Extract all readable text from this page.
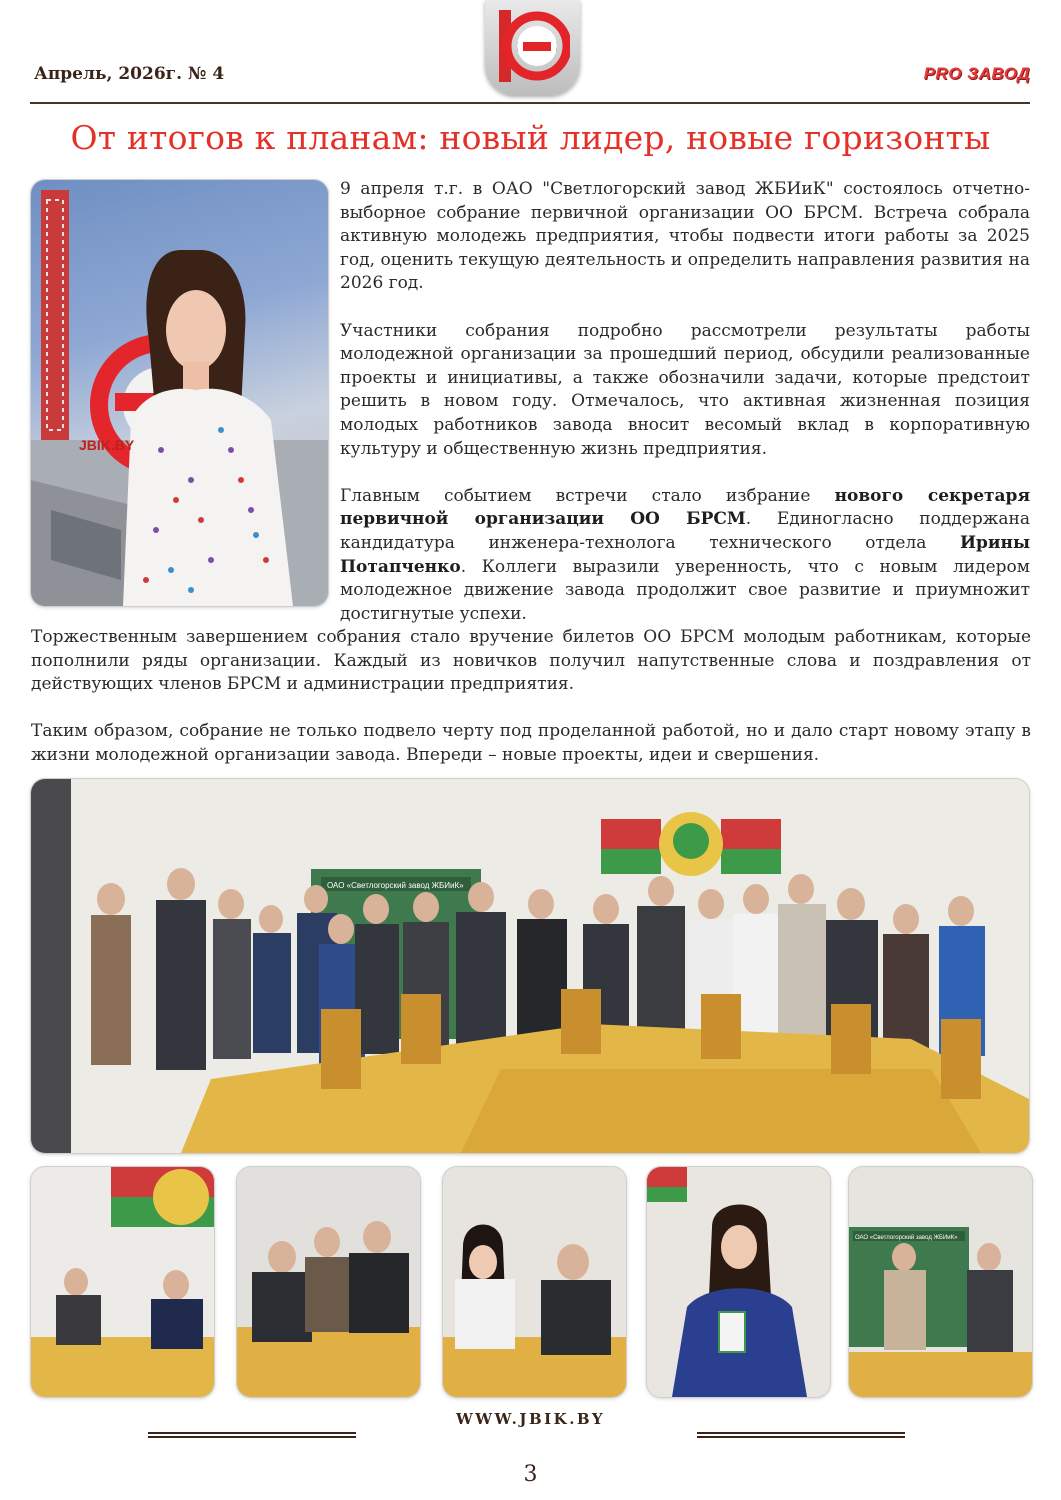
Апрель, 2026г. № 4	PRO ЗАВОД
От итогов к планам: новый лидер, новые горизонты
JBIK.BY

9 апреля т.г. в ОАО "Светлогорский завод ЖБИиК" состоялось отчетно-выборное собрание первичной организации ОО БРСМ. Встреча собрала активную молодежь предприятия, чтобы подвести итоги работы за 2025 год, оценить текущую деятельность и определить направления развития на 2026 год.

Участники собрания подробно рассмотрели результаты работы молодежной организации за прошедший период, обсудили реализованные проекты и инициативы, а также обозначили задачи, которые предстоит решить в новом году. Отмечалось, что активная жизненная позиция молодых работников завода вносит весомый вклад в корпоративную культуру и общественную жизнь предприятия.

Главным событием встречи стало избрание нового секретаря первичной организации ОО БРСМ. Единогласно поддержана кандидатура инженера-технолога технического отдела Ирины Потапченко. Коллеги выразили уверенность, что с новым лидером молодежное движение завода продолжит свое развитие и приумножит достигнутые успехи.

Торжественным завершением собрания стало вручение билетов ОО БРСМ молодым работникам, которые пополнили ряды организации. Каждый из новичков получил напутственные слова и поздравления от действующих членов БРСМ и администрации предприятия.

Таким образом, собрание не только подвело черту под проделанной работой, но и дало старт новому этапу в жизни молодежной организации завода. Впереди – новые проекты, идеи и свершения.

ОАО «Светлогорский завод ЖБИиК»
ОАО «Светлогорский завод ЖБИиК»
WWW.JBIK.BY
3
